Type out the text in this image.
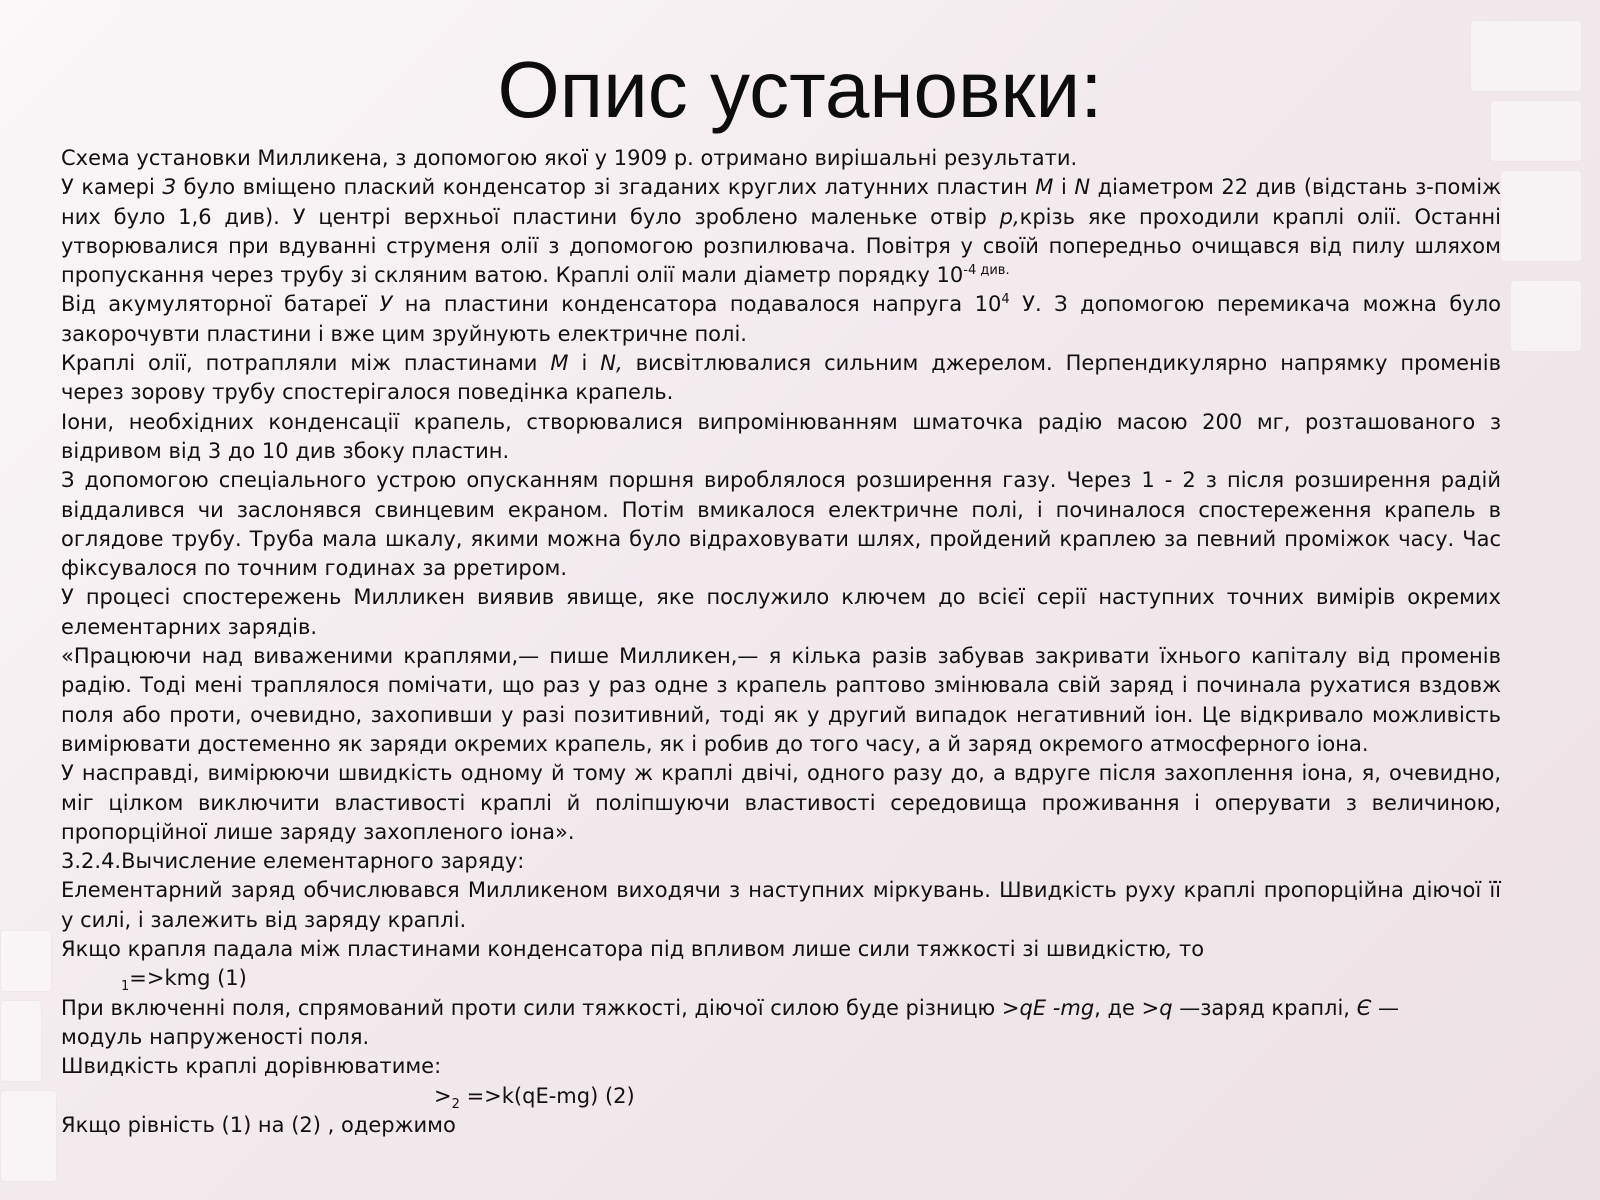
Опис установки:
Схема установки Милликена, з допомогою якої у 1909 р. отримано вирішальні результати.
У камері З було вміщено плаский конденсатор зі згаданих круглих латунних пластин М і N діаметром 22 див (відстань з-поміж
них було 1,6 див). У центрі верхньої пластини було зроблено маленьке отвір р,крізь яке проходили краплі олії. Останні
утворювалися при вдуванні струменя олії з допомогою розпилювача. Повітря у своїй попередньо очищався від пилу шляхом
пропускання через трубу зі скляним ватою. Краплі олії мали діаметр порядку $10^{-4 див.}$
Від акумуляторної батареї У на пластини конденсатора подавалося напруга $10^4$ У. З допомогою перемикача можна було
закорочувти пластини і вже цим зруйнують електричне полі.
Краплі олії, потрапляли між пластинами М і N, висвітлювалися сильним джерелом. Перпендикулярно напрямку променів
через зорову трубу спостерігалося поведінка крапель.
Іони, необхідних конденсації крапель, створювалися випромінюванням шматочка радію масою 200 мг, розташованого з
відривом від 3 до 10 див збоку пластин.
З допомогою спеціального устрою опусканням поршня вироблялося розширення газу. Через 1 - 2 з після розширення радій
віддалився чи заслонявся свинцевим екраном. Потім вмикалося електричне полі, і починалося спостереження крапель в
оглядове трубу. Труба мала шкалу, якими можна було відраховувати шлях, пройдений краплею за певний проміжок часу. Час
фіксувалося по точним годинах за рретиром.
У процесі спостережень Милликен виявив явище, яке послужило ключем до всієї серії наступних точних вимірів окремих
елементарних зарядів.
«Працюючи над виваженими краплями,— пише Милликен,— я кілька разів забував закривати їхнього капіталу від променів
радію. Тоді мені траплялося помічати, що раз у раз одне з крапель раптово змінювала свій заряд і починала рухатися вздовж
поля або проти, очевидно, захопивши у разі позитивний, тоді як у другий випадок негативний іон. Це відкривало можливість
вимірювати достеменно як заряди окремих крапель, як і робив до того часу, а й заряд окремого атмосферного іона.
У насправді, вимірюючи швидкість одному й тому ж краплі двічі, одного разу до, а вдруге після захоплення іона, я, очевидно,
міг цілком виключити властивості краплі й поліпшуючи властивості середовища проживання і оперувати з величиною,
пропорційної лише заряду захопленого іона».
3.2.4.Вычисление елементарного заряду:
Елементарний заряд обчислювався Милликеном виходячи з наступних міркувань. Швидкість руху краплі пропорційна діючої її
у силі, і залежить від заряду краплі.
Якщо крапля падала між пластинами конденсатора під впливом лише сили тяжкості зі швидкістю, то
$_1$=>kmg (1)
При включенні поля, спрямований проти сили тяжкості, діючої силою буде різницю >qE -mg, де >q —заряд краплі, Є —
модуль напруженості поля.
Швидкість краплі дорівнюватиме:
$>_2 =>k(qE-mg)$ (2)
Якщо рівність (1) на (2) , одержимо
